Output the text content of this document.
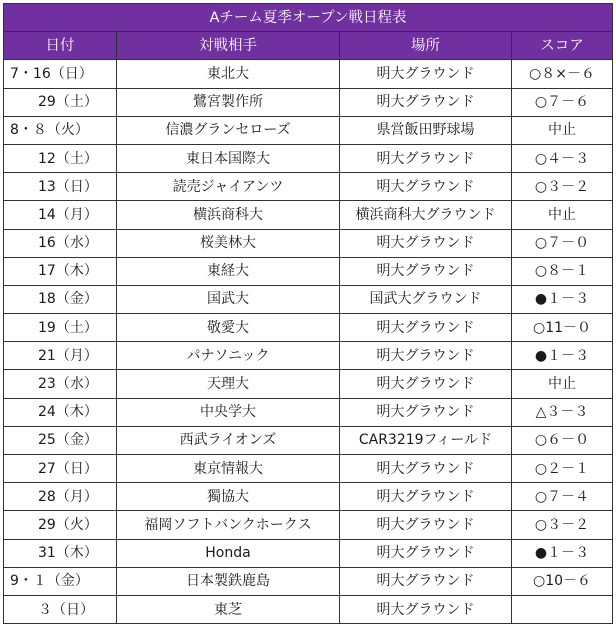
Aチーム夏季オープン戦日程表			
日付	対戦相手	場所	スコア
7・16（日）	東北大	明大グラウンド	○８×－６
　　29（土）	鷺宮製作所	明大グラウンド	○７－６
8・８（火）	信濃グランセローズ	県営飯田野球場	中止
　　12（土）	東日本国際大	明大グラウンド	○４－３
　　13（日）	読売ジャイアンツ	明大グラウンド	○３－２
　　14（月）	横浜商科大	横浜商科大グラウンド	中止
　　16（水）	桜美林大	明大グラウンド	○７－０
　　17（木）	東経大	明大グラウンド	○８－１
　　18（金）	国武大	国武大グラウンド	●１－３
　　19（土）	敬愛大	明大グラウンド	○11－０
　　21（月）	パナソニック	明大グラウンド	●１－３
　　23（水）	天理大	明大グラウンド	中止
　　24（木）	中央学大	明大グラウンド	△３－３
　　25（金）	西武ライオンズ	CAR3219フィールド	○６－０
　　27（日）	東京情報大	明大グラウンド	○２－１
　　28（月）	獨協大	明大グラウンド	○７－４
　　29（火）	福岡ソフトバンクホークス	明大グラウンド	○３－２
　　31（木）	Honda	明大グラウンド	●１－３
9・１（金）	日本製鉄鹿島	明大グラウンド	○10－６
　　３（日）	東芝	明大グラウンド	
